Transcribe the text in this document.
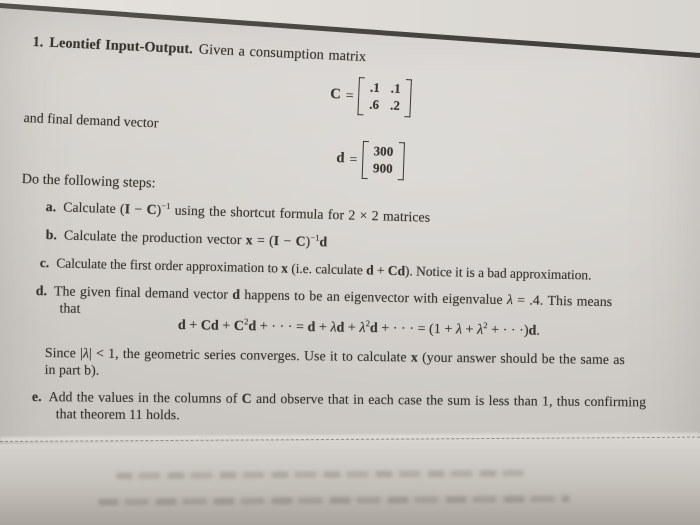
1. Leontief Input-Output. Given a consumption matrix
C =
.1 .1
.6 .2
and final demand vector
d =
300
900
Do the following steps:
a. Calculate $(I - C)^{-1}$ using the shortcut formula for 2 × 2 matrices
b. Calculate the production vector $x = (I - C)^{-1}d$
c. Calculate the first order approximation to x (i.e. calculate d + Cd). Notice it is a bad approximation.
d. The given final demand vector d happens to be an eigenvector with eigenvalue λ = .4. This means
that
$d + Cd + C^2d$ + · · · = $d + \lambda d + \lambda^2d$ + · · · = ($1 + \lambda + \lambda^2$ + · · ·)d.
Since |λ| < 1, the geometric series converges. Use it to calculate x (your answer should be the same as
in part b).
e. Add the values in the columns of C and observe that in each case the sum is less than 1, thus confirming
that theorem 11 holds.
